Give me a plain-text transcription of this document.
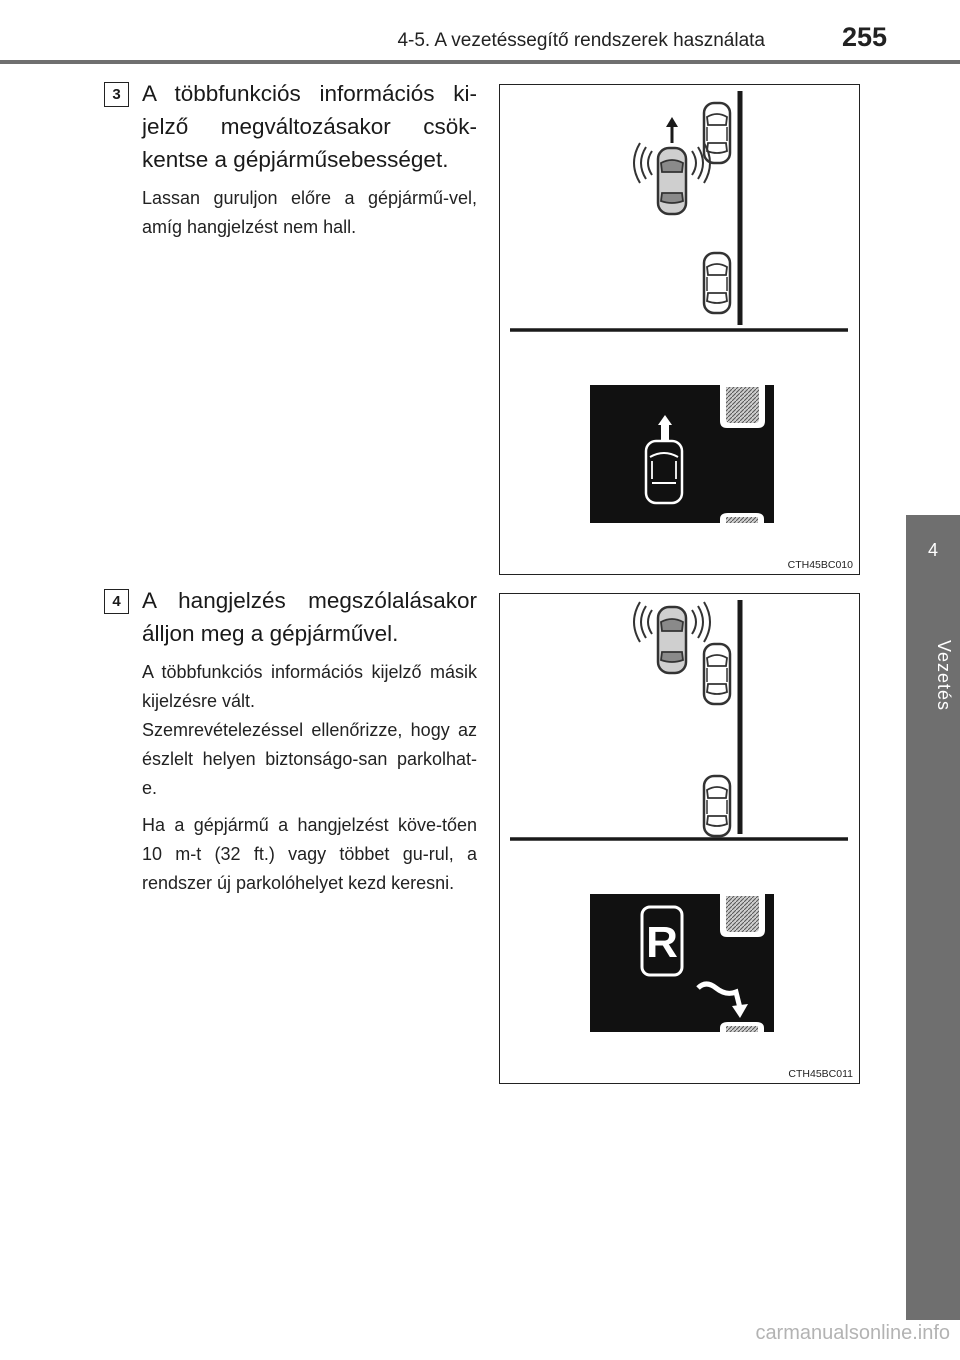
4-5. A vezetéssegítő rendszerek használata	255
4
Vezetés
3 A többfunkciós információs ki-jelző megváltozásakor csök-kentse a gépjárműsebességet.

Lassan guruljon előre a gépjármű-vel, amíg hangjelzést nem hall.

CTH45BC010
4 A hangjelzés megszólalásakor álljon meg a gépjárművel.

A többfunkciós információs kijelző másik kijelzésre vált.

Szemrevételezéssel ellenőrizze, hogy az észlelt helyen biztonságo-san parkolhat-e.

Ha a gépjármű a hangjelzést köve-tően 10 m-t (32 ft.) vagy többet gu-rul, a rendszer új parkolóhelyet kezd keresni.

R
CTH45BC011
carmanualsonline.info
